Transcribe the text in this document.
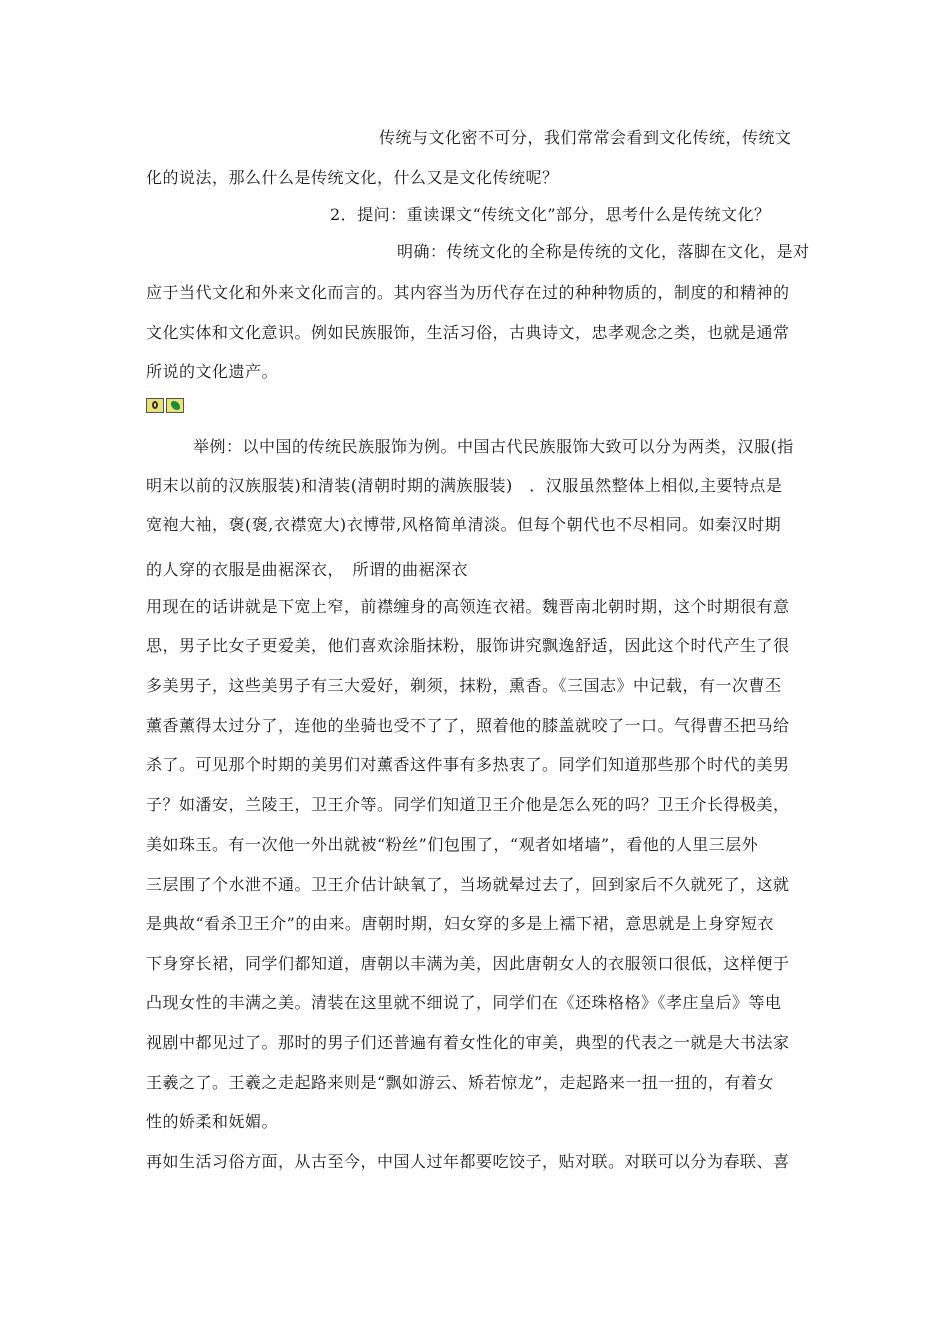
传统与文化密不可分，我们常常会看到文化传统，传统文
化的说法，那么什么是传统文化，什么又是文化传统呢？
2．提问：重读课文“传统文化”部分，思考什么是传统文化？
明确：传统文化的全称是传统的文化，落脚在文化，是对
应于当代文化和外来文化而言的。其内容当为历代存在过的种种物质的，制度的和精神的
文化实体和文化意识。例如民族服饰，生活习俗，古典诗文，忠孝观念之类，也就是通常
所说的文化遗产。
举例：以中国的传统民族服饰为例。中国古代民族服饰大致可以分为两类，汉服(指
明末以前的汉族服装)和清装(清朝时期的满族服装)　．汉服虽然整体上相似,主要特点是
宽袍大袖，褒(褒,衣襟宽大)衣博带,风格简单清淡。但每个朝代也不尽相同。如秦汉时期
的人穿的衣服是曲裾深衣，　所谓的曲裾深衣
用现在的话讲就是下宽上窄，前襟缠身的高领连衣裙。魏晋南北朝时期，这个时期很有意
思，男子比女子更爱美，他们喜欢涂脂抹粉，服饰讲究飘逸舒适，因此这个时代产生了很
多美男子，这些美男子有三大爱好，剃须，抹粉，熏香。《三国志》中记载，有一次曹丕
薰香薰得太过分了，连他的坐骑也受不了了，照着他的膝盖就咬了一口。气得曹丕把马给
杀了。可见那个时期的美男们对薰香这件事有多热衷了。同学们知道那些那个时代的美男
子？如潘安，兰陵王，卫王介等。同学们知道卫王介他是怎么死的吗？卫王介长得极美，
美如珠玉。有一次他一外出就被“粉丝”们包围了，“观者如堵墙”，看他的人里三层外
三层围了个水泄不通。卫王介估计缺氧了，当场就晕过去了，回到家后不久就死了，这就
是典故“看杀卫王介”的由来。唐朝时期，妇女穿的多是上襦下裙，意思就是上身穿短衣
下身穿长裙，同学们都知道，唐朝以丰满为美，因此唐朝女人的衣服领口很低，这样便于
凸现女性的丰满之美。清装在这里就不细说了，同学们在《还珠格格》《孝庄皇后》等电
视剧中都见过了。那时的男子们还普遍有着女性化的审美，典型的代表之一就是大书法家
王羲之了。王羲之走起路来则是“飘如游云、矫若惊龙”，走起路来一扭一扭的，有着女
性的娇柔和妩媚。
再如生活习俗方面，从古至今，中国人过年都要吃饺子，贴对联。对联可以分为春联、喜
